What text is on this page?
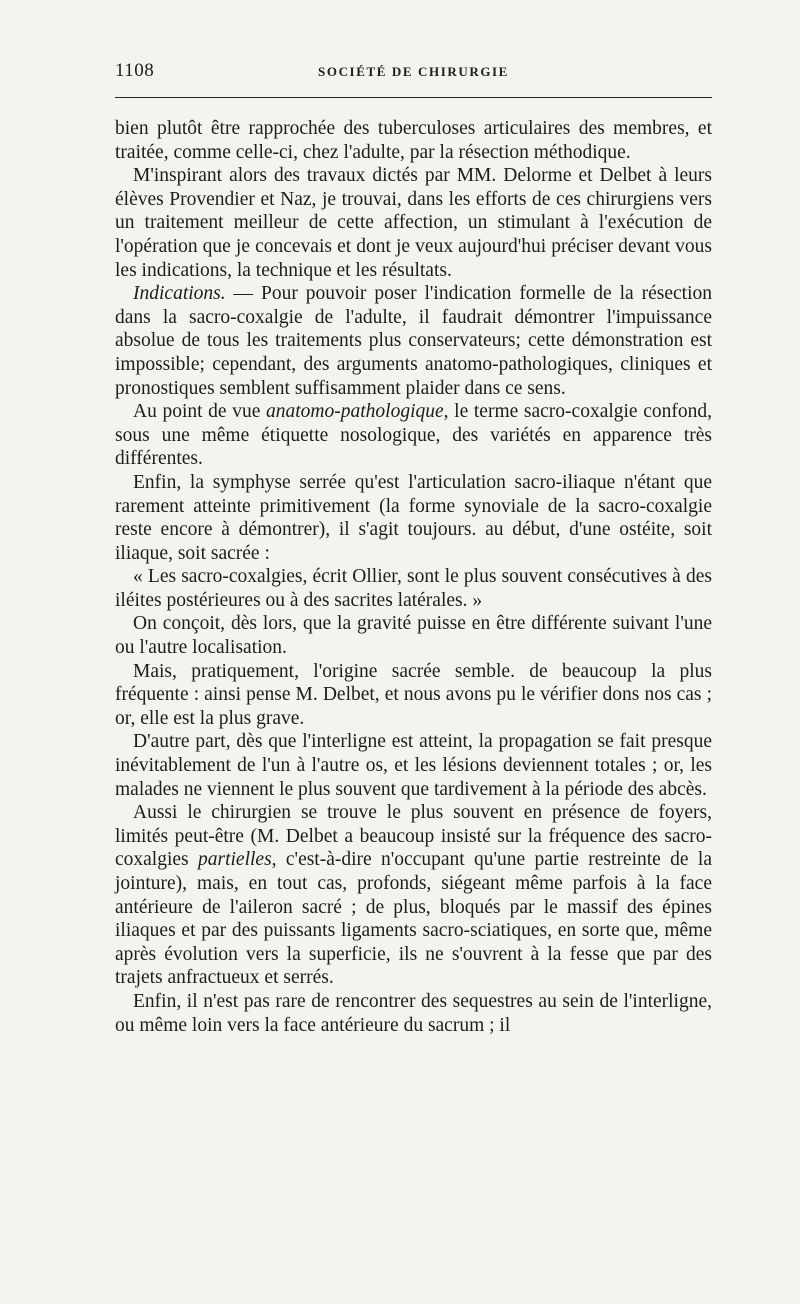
1108	SOCIÉTÉ DE CHIRURGIE

bien plutôt être rapprochée des tuberculoses articulaires des membres, et traitée, comme celle-ci, chez l'adulte, par la résection méthodique.

M'inspirant alors des travaux dictés par MM. Delorme et Delbet à leurs élèves Provendier et Naz, je trouvai, dans les efforts de ces chirurgiens vers un traitement meilleur de cette affection, un stimulant à l'exécution de l'opération que je concevais et dont je veux aujourd'hui préciser devant vous les indications, la technique et les résultats.

Indications. — Pour pouvoir poser l'indication formelle de la résection dans la sacro-coxalgie de l'adulte, il faudrait démontrer l'impuissance absolue de tous les traitements plus conservateurs; cette démonstration est impossible; cependant, des arguments anatomo-pathologiques, cliniques et pronostiques semblent suffisamment plaider dans ce sens.

Au point de vue anatomo-pathologique, le terme sacro-coxalgie confond, sous une même étiquette nosologique, des variétés en apparence très différentes.

Enfin, la symphyse serrée qu'est l'articulation sacro-iliaque n'étant que rarement atteinte primitivement (la forme synoviale de la sacro-coxalgie reste encore à démontrer), il s'agit toujours. au début, d'une ostéite, soit iliaque, soit sacrée :

« Les sacro-coxalgies, écrit Ollier, sont le plus souvent consécutives à des iléites postérieures ou à des sacrites latérales. »

On conçoit, dès lors, que la gravité puisse en être différente suivant l'une ou l'autre localisation.

Mais, pratiquement, l'origine sacrée semble. de beaucoup la plus fréquente : ainsi pense M. Delbet, et nous avons pu le vérifier dons nos cas ; or, elle est la plus grave.

D'autre part, dès que l'interligne est atteint, la propagation se fait presque inévitablement de l'un à l'autre os, et les lésions deviennent totales ; or, les malades ne viennent le plus souvent que tardivement à la période des abcès.

Aussi le chirurgien se trouve le plus souvent en présence de foyers, limités peut-être (M. Delbet a beaucoup insisté sur la fréquence des sacro-coxalgies partielles, c'est-à-dire n'occupant qu'une partie restreinte de la jointure), mais, en tout cas, profonds, siégeant même parfois à la face antérieure de l'aileron sacré ; de plus, bloqués par le massif des épines iliaques et par des puissants ligaments sacro-sciatiques, en sorte que, même après évolution vers la superficie, ils ne s'ouvrent à la fesse que par des trajets anfractueux et serrés.

Enfin, il n'est pas rare de rencontrer des sequestres au sein de l'interligne, ou même loin vers la face antérieure du sacrum ; il
